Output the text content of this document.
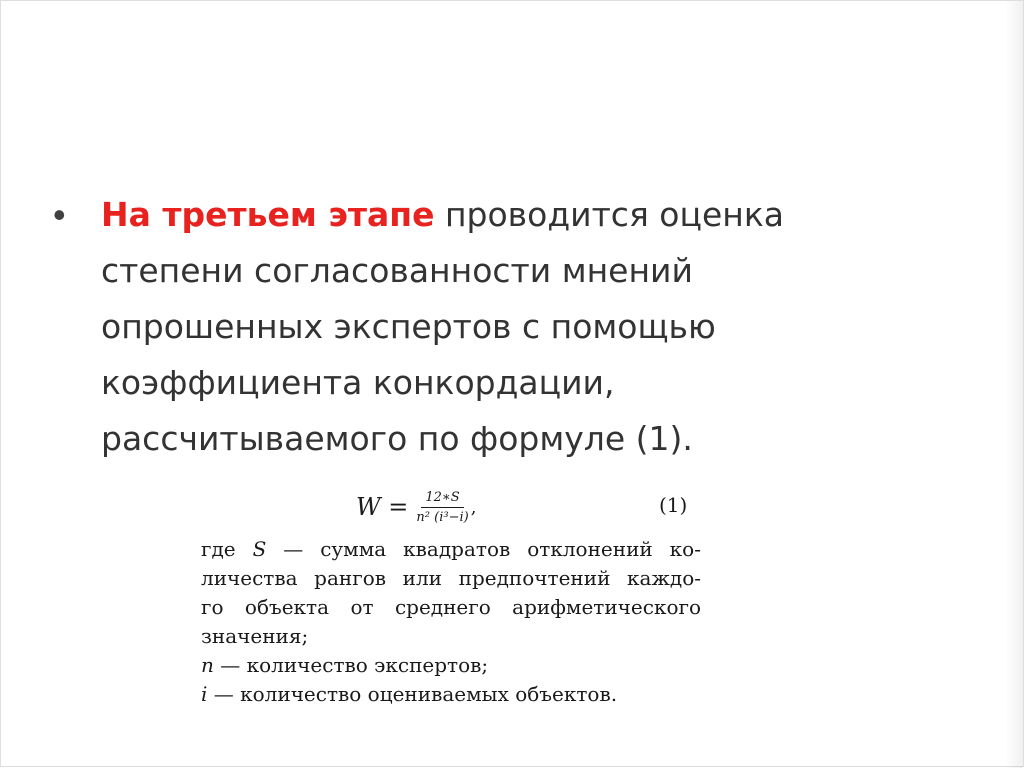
• На третьем этапе проводится оценка
степени согласованности мнений
опрошенных экспертов с помощью
коэффициента конкордации,
рассчитываемого по формуле (1).
$W = \frac{12∗S}{\text{n² (i³−i)}}$ ,	(1)
где S — сумма квадратов отклонений ко-
личества рангов или предпочтений каждо-
го объекта от среднего арифметического
значения;
n — количество экспертов;
i — количество оцениваемых объектов.
